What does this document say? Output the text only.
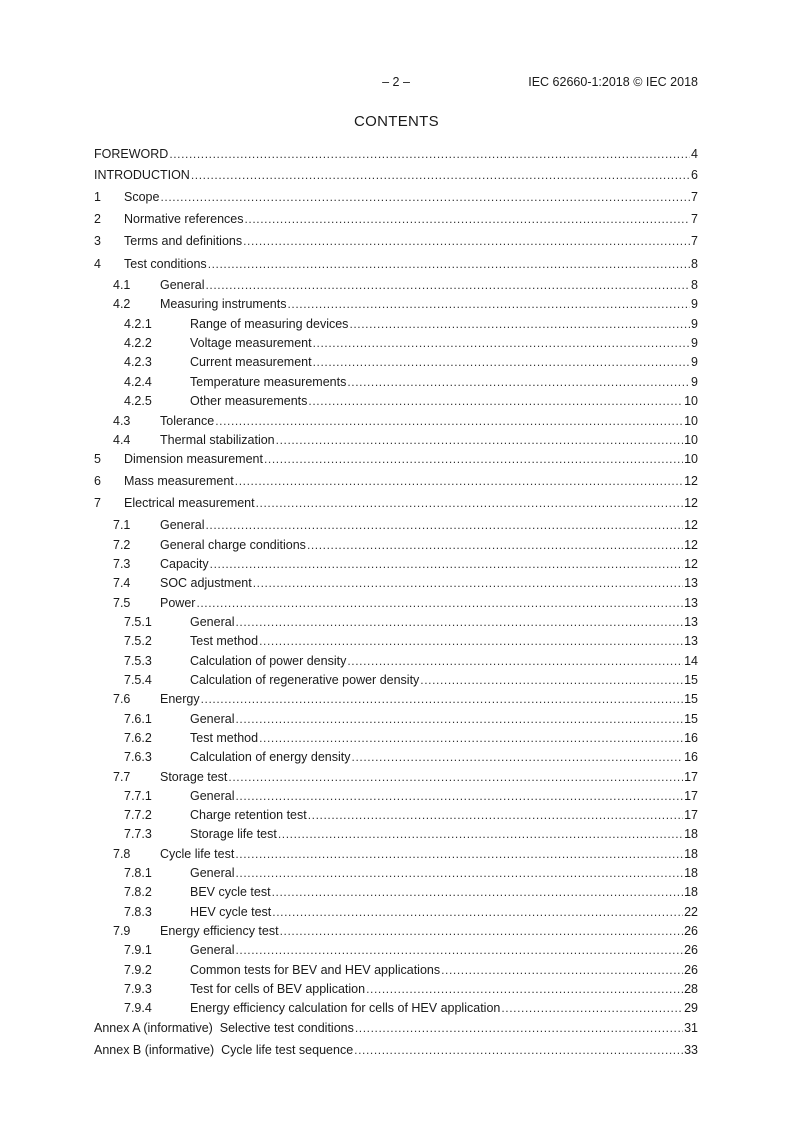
– 2 –	IEC 62660-1:2018 © IEC 2018
CONTENTS
FOREWORD .....	4
INTRODUCTION .....	6
1	Scope .....	7
2	Normative references .....	7
3	Terms and definitions .....	7
4	Test conditions .....	8
4.1	General .....	8
4.2	Measuring instruments .....	9
4.2.1	Range of measuring devices .....	9
4.2.2	Voltage measurement .....	9
4.2.3	Current measurement .....	9
4.2.4	Temperature measurements .....	9
4.2.5	Other measurements .....	10
4.3	Tolerance .....	10
4.4	Thermal stabilization .....	10
5	Dimension measurement .....	10
6	Mass measurement .....	12
7	Electrical measurement .....	12
7.1	General .....	12
7.2	General charge conditions .....	12
7.3	Capacity .....	12
7.4	SOC adjustment .....	13
7.5	Power .....	13
7.5.1	General .....	13
7.5.2	Test method .....	13
7.5.3	Calculation of power density .....	14
7.5.4	Calculation of regenerative power density .....	15
7.6	Energy .....	15
7.6.1	General .....	15
7.6.2	Test method .....	16
7.6.3	Calculation of energy density .....	16
7.7	Storage test .....	17
7.7.1	General .....	17
7.7.2	Charge retention test .....	17
7.7.3	Storage life test .....	18
7.8	Cycle life test .....	18
7.8.1	General .....	18
7.8.2	BEV cycle test .....	18
7.8.3	HEV cycle test .....	22
7.9	Energy efficiency test .....	26
7.9.1	General .....	26
7.9.2	Common tests for BEV and HEV applications .....	26
7.9.3	Test for cells of BEV application .....	28
7.9.4	Energy efficiency calculation for cells of HEV application .....	29
Annex A (informative)  Selective test conditions .....	31
Annex B (informative)  Cycle life test sequence .....	33
